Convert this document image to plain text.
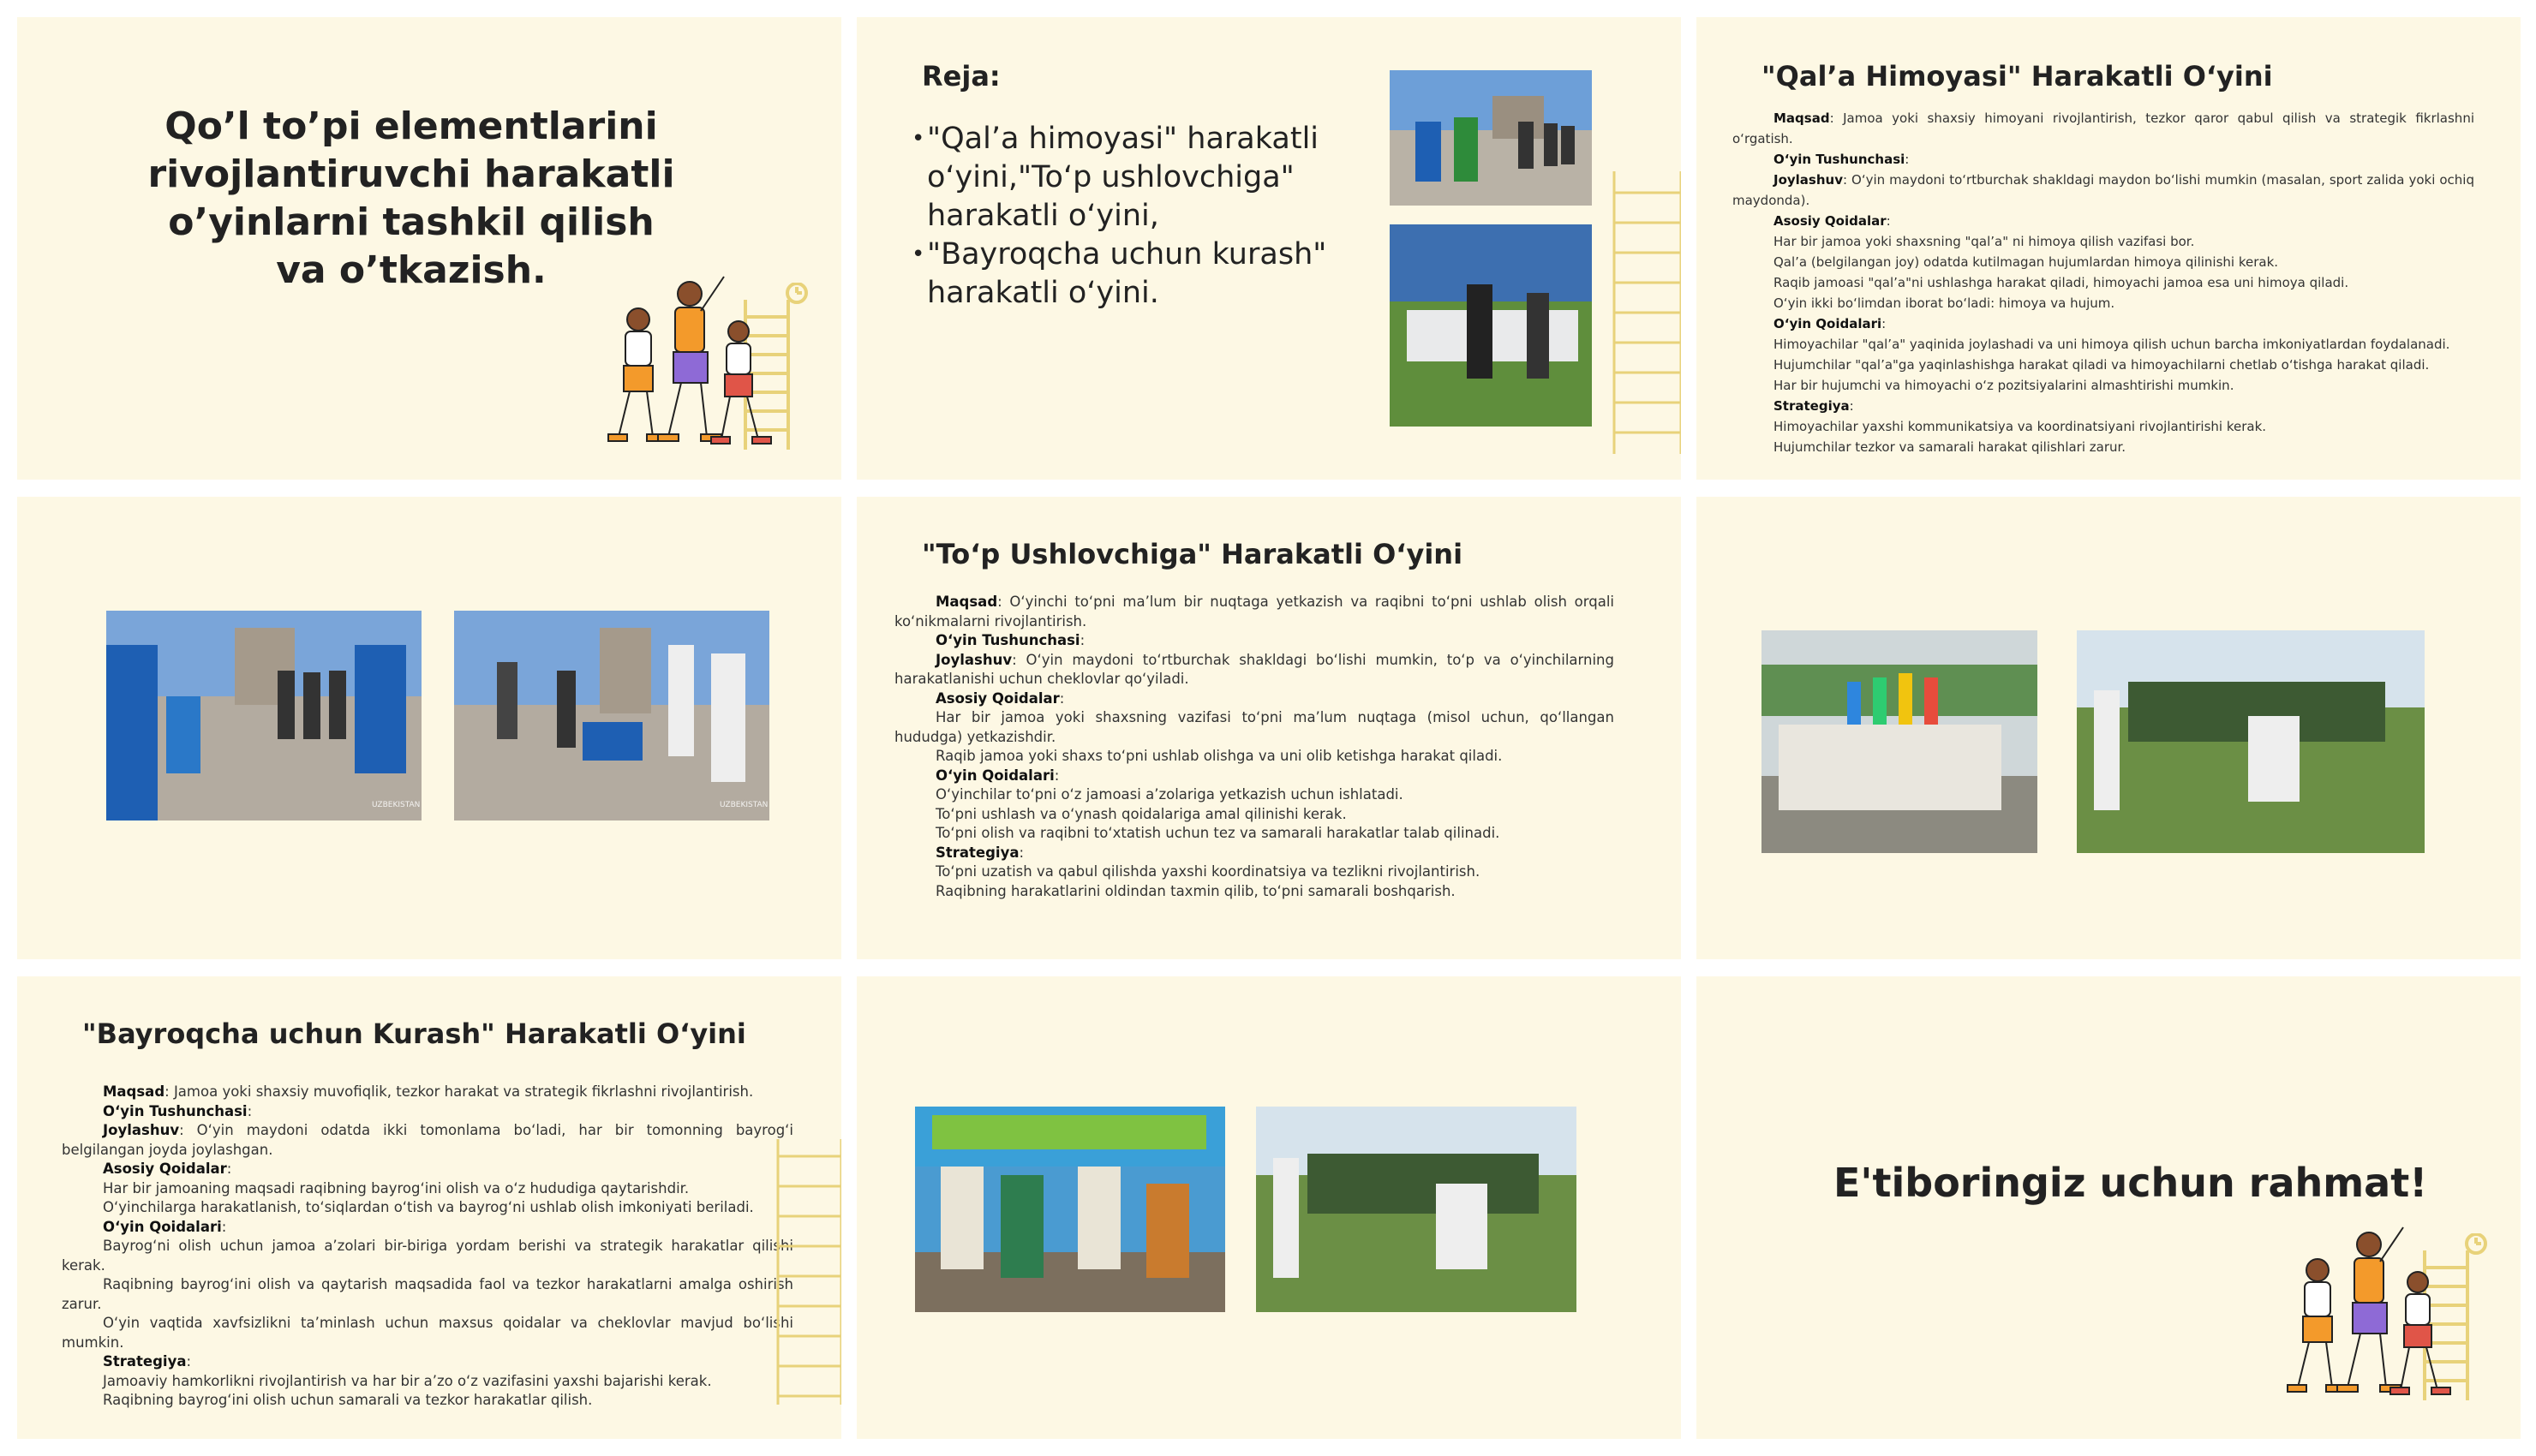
Qo’l to’pi elementlarini rivojlantiruvchi harakatli o’yinlarni tashkil qilish va o’tkazish.
Reja:
• "Qal’a himoyasi" harakatli o‘yini,"To‘p ushlovchiga" harakatli o‘yini,
• "Bayroqcha uchun kurash" harakatli o‘yini.
"Qal’a Himoyasi" Harakatli O‘yini
Maqsad: Jamoa yoki shaxsiy himoyani rivojlantirish, tezkor qaror qabul qilish va strategik fikrlashni o‘rgatish.
O‘yin Tushunchasi:
Joylashuv: O‘yin maydoni to‘rtburchak shakldagi maydon bo‘lishi mumkin (masalan, sport zalida yoki ochiq maydonda).
Asosiy Qoidalar:
Har bir jamoa yoki shaxsning "qal’a" ni himoya qilish vazifasi bor.
Qal’a (belgilangan joy) odatda kutilmagan hujumlardan himoya qilinishi kerak.
Raqib jamoasi "qal’a"ni ushlashga harakat qiladi, himoyachi jamoa esa uni himoya qiladi.
O‘yin ikki bo‘limdan iborat bo‘ladi: himoya va hujum.
O‘yin Qoidalari:
Himoyachilar "qal’a" yaqinida joylashadi va uni himoya qilish uchun barcha imkoniyatlardan foydalanadi.
Hujumchilar "qal’a"ga yaqinlashishga harakat qiladi va himoyachilarni chetlab o‘tishga harakat qiladi.
Har bir hujumchi va himoyachi o‘z pozitsiyalarini almashtirishi mumkin.
Strategiya:
Himoyachilar yaxshi kommunikatsiya va koordinatsiyani rivojlantirishi kerak.
Hujumchilar tezkor va samarali harakat qilishlari zarur.
UZBEKISTAN	UZBEKISTAN
"To‘p Ushlovchiga" Harakatli O‘yini
Maqsad: O‘yinchi to‘pni ma’lum bir nuqtaga yetkazish va raqibni to‘pni ushlab olish orqali ko‘nikmalarni rivojlantirish.
O‘yin Tushunchasi:
Joylashuv: O‘yin maydoni to‘rtburchak shakldagi bo‘lishi mumkin, to‘p va o‘yinchilarning harakatlanishi uchun cheklovlar qo‘yiladi.
Asosiy Qoidalar:
Har bir jamoa yoki shaxsning vazifasi to‘pni ma’lum nuqtaga (misol uchun, qo‘llangan hududga) yetkazishdir.
Raqib jamoa yoki shaxs to‘pni ushlab olishga va uni olib ketishga harakat qiladi.
O‘yin Qoidalari:
O‘yinchilar to‘pni o‘z jamoasi a’zolariga yetkazish uchun ishlatadi.
To‘pni ushlash va o‘ynash qoidalariga amal qilinishi kerak.
To‘pni olish va raqibni to‘xtatish uchun tez va samarali harakatlar talab qilinadi.
Strategiya:
To‘pni uzatish va qabul qilishda yaxshi koordinatsiya va tezlikni rivojlantirish.
Raqibning harakatlarini oldindan taxmin qilib, to‘pni samarali boshqarish.
"Bayroqcha uchun Kurash" Harakatli O‘yini
Maqsad: Jamoa yoki shaxsiy muvofiqlik, tezkor harakat va strategik fikrlashni rivojlantirish.
O‘yin Tushunchasi:
Joylashuv: O‘yin maydoni odatda ikki tomonlama bo‘ladi, har bir tomonning bayrog‘i belgilangan joyda joylashgan.
Asosiy Qoidalar:
Har bir jamoaning maqsadi raqibning bayrog‘ini olish va o‘z hududiga qaytarishdir.
O‘yinchilarga harakatlanish, to‘siqlardan o‘tish va bayrog‘ni ushlab olish imkoniyati beriladi.
O‘yin Qoidalari:
Bayrog‘ni olish uchun jamoa a’zolari bir-biriga yordam berishi va strategik harakatlar qilishi kerak.
Raqibning bayrog‘ini olish va qaytarish maqsadida faol va tezkor harakatlarni amalga oshirish zarur.
O‘yin vaqtida xavfsizlikni ta’minlash uchun maxsus qoidalar va cheklovlar mavjud bo‘lishi mumkin.
Strategiya:
Jamoaviy hamkorlikni rivojlantirish va har bir a’zo o‘z vazifasini yaxshi bajarishi kerak.
Raqibning bayrog‘ini olish uchun samarali va tezkor harakatlar qilish.
E'tiboringiz uchun rahmat!
